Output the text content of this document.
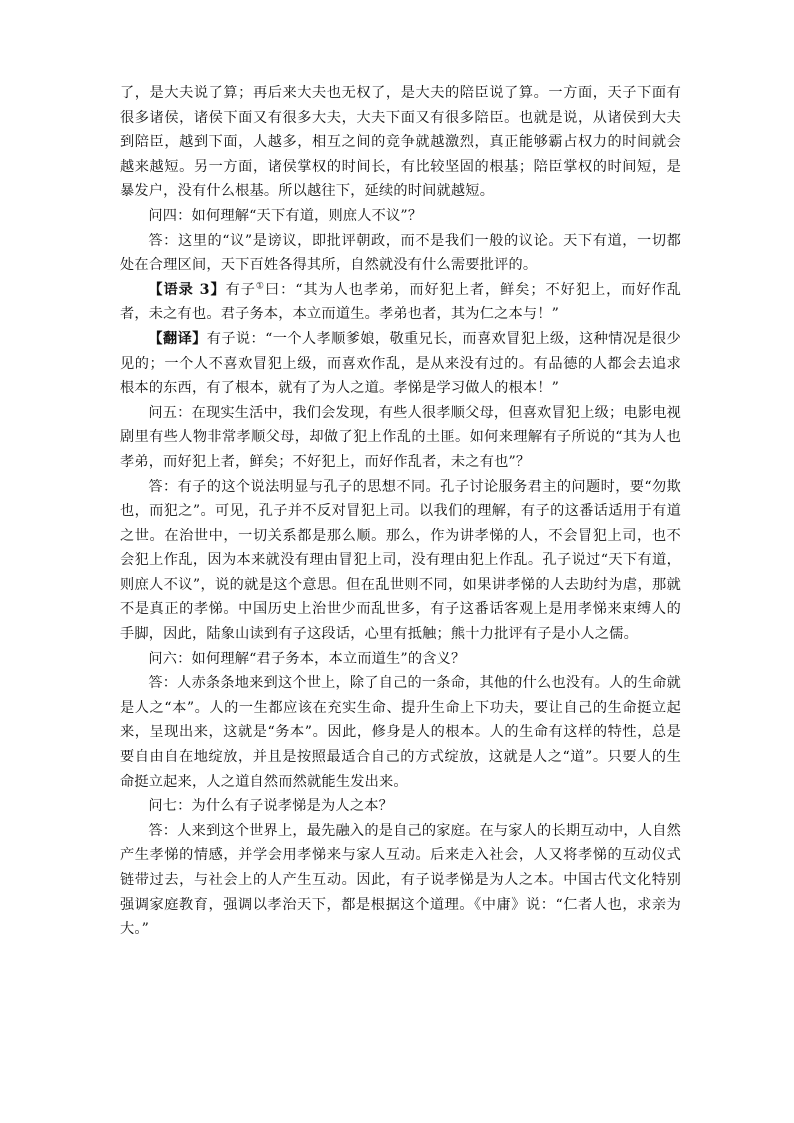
了，是大夫说了算；再后来大夫也无权了，是大夫的陪臣说了算。一方面，天子下面有很多诸侯，诸侯下面又有很多大夫，大夫下面又有很多陪臣。也就是说，从诸侯到大夫到陪臣，越到下面，人越多，相互之间的竞争就越激烈，真正能够霸占权力的时间就会越来越短。另一方面，诸侯掌权的时间长，有比较坚固的根基；陪臣掌权的时间短，是暴发户，没有什么根基。所以越往下，延续的时间就越短。

问四：如何理解“天下有道，则庶人不议”？

答：这里的“议”是谤议，即批评朝政，而不是我们一般的议论。天下有道，一切都处在合理区间，天下百姓各得其所，自然就没有什么需要批评的。

【语录 3】有子①曰：“其为人也孝弟，而好犯上者，鲜矣；不好犯上，而好作乱者，未之有也。君子务本，本立而道生。孝弟也者，其为仁之本与！”

【翻译】有子说：“一个人孝顺爹娘，敬重兄长，而喜欢冒犯上级，这种情况是很少见的；一个人不喜欢冒犯上级，而喜欢作乱，是从来没有过的。有品德的人都会去追求根本的东西，有了根本，就有了为人之道。孝悌是学习做人的根本！”

问五：在现实生活中，我们会发现，有些人很孝顺父母，但喜欢冒犯上级；电影电视剧里有些人物非常孝顺父母，却做了犯上作乱的土匪。如何来理解有子所说的“其为人也孝弟，而好犯上者，鲜矣；不好犯上，而好作乱者，未之有也”？

答：有子的这个说法明显与孔子的思想不同。孔子讨论服务君主的问题时，要“勿欺也，而犯之”。可见，孔子并不反对冒犯上司。以我们的理解，有子的这番话适用于有道之世。在治世中，一切关系都是那么顺。那么，作为讲孝悌的人，不会冒犯上司，也不会犯上作乱，因为本来就没有理由冒犯上司，没有理由犯上作乱。孔子说过“天下有道，则庶人不议”，说的就是这个意思。但在乱世则不同，如果讲孝悌的人去助纣为虐，那就不是真正的孝悌。中国历史上治世少而乱世多，有子这番话客观上是用孝悌来束缚人的手脚，因此，陆象山读到有子这段话，心里有抵触；熊十力批评有子是小人之儒。

问六：如何理解“君子务本，本立而道生”的含义？

答：人赤条条地来到这个世上，除了自己的一条命，其他的什么也没有。人的生命就是人之“本”。人的一生都应该在充实生命、提升生命上下功夫，要让自己的生命挺立起来，呈现出来，这就是“务本”。因此，修身是人的根本。人的生命有这样的特性，总是要自由自在地绽放，并且是按照最适合自己的方式绽放，这就是人之“道”。只要人的生命挺立起来，人之道自然而然就能生发出来。

问七：为什么有子说孝悌是为人之本？

答：人来到这个世界上，最先融入的是自己的家庭。在与家人的长期互动中，人自然产生孝悌的情感，并学会用孝悌来与家人互动。后来走入社会，人又将孝悌的互动仪式链带过去，与社会上的人产生互动。因此，有子说孝悌是为人之本。中国古代文化特别强调家庭教育，强调以孝治天下，都是根据这个道理。《中庸》说：“仁者人也，求亲为大。”
